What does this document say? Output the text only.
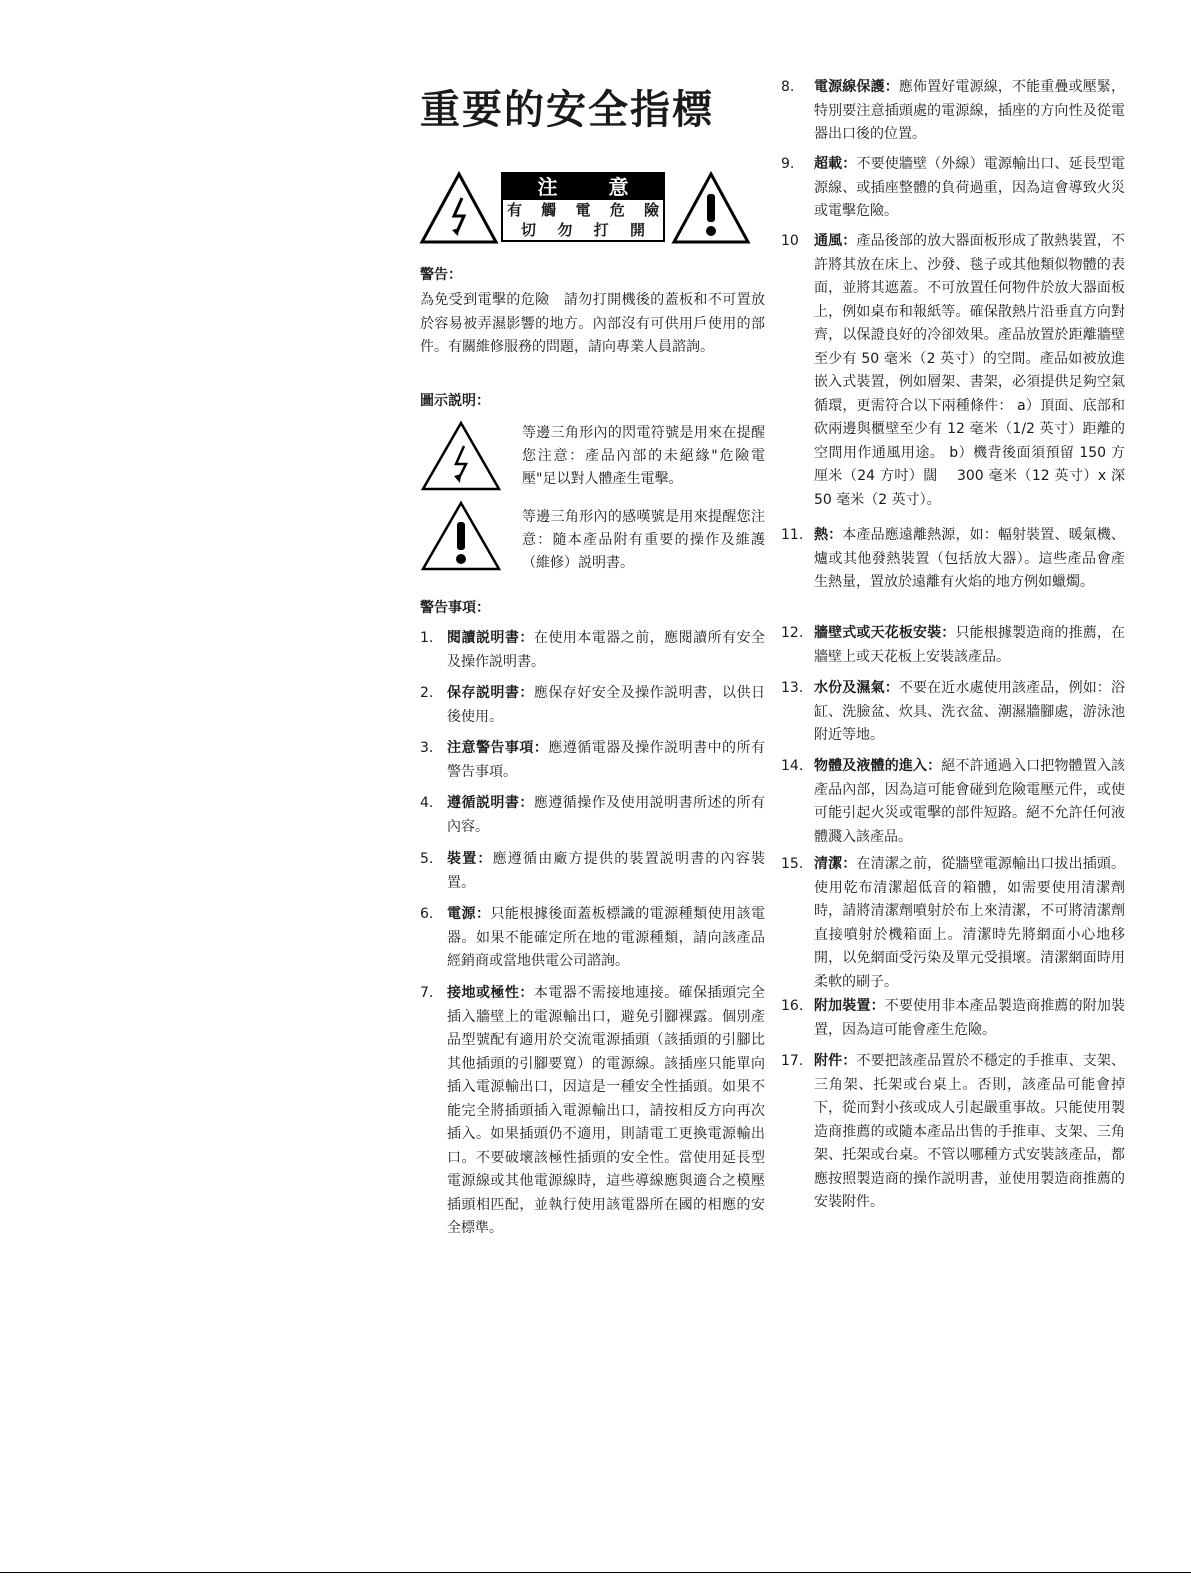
重要的安全指標
注 意
有 觸 電 危 險
切 勿 打 開
警告：

為免受到電擊的危險　請勿打開機後的蓋板和不可置放於容易被弄濕影響的地方。內部沒有可供用戶使用的部件。有關維修服務的問題，請向專業人員諮詢。

圖示説明：

等邊三角形內的閃電符號是用來在提醒您注意：產品內部的未絕緣"危險電壓"足以對人體產生電擊。

等邊三角形內的感嘆號是用來提醒您注意：隨本產品附有重要的操作及維護（維修）説明書。

警告事項：
1. 閱讀説明書：在使用本電器之前，應閱讀所有安全及操作説明書。
2. 保存説明書：應保存好安全及操作説明書，以供日後使用。
3. 注意警告事項：應遵循電器及操作説明書中的所有警告事項。
4. 遵循説明書：應遵循操作及使用説明書所述的所有內容。
5. 裝置：應遵循由廠方提供的裝置説明書的內容裝置。
6. 電源：只能根據後面蓋板標識的電源種類使用該電器。如果不能確定所在地的電源種類，請向該產品經銷商或當地供電公司諮詢。
7. 接地或極性：本電器不需接地連接。確保插頭完全插入牆壁上的電源輸出口，避免引腳裸露。個別產品型號配有適用於交流電源插頭（該插頭的引腳比其他插頭的引腳要寬）的電源線。該插座只能單向插入電源輸出口，因這是一種安全性插頭。如果不能完全將插頭插入電源輸出口，請按相反方向再次插入。如果插頭仍不適用，則請電工更換電源輸出口。不要破壞該極性插頭的安全性。當使用延長型電源線或其他電源線時，這些導線應與適合之模壓插頭相匹配，並執行使用該電器所在國的相應的安全標準。
8.	電源線保護：應佈置好電源線，不能重疊或壓緊，特別要注意插頭處的電源線，插座的方向性及從電器出口後的位置。
9.	超載：不要使牆壁（外線）電源輸出口、延長型電源線、或插座整體的負荷過重，因為這會導致火災或電擊危險。
10	通風：產品後部的放大器面板形成了散熱裝置，不許將其放在床上、沙發、毯子或其他類似物體的表面，並將其遮蓋。不可放置任何物件於放大器面板上，例如桌布和報紙等。確保散熱片沿垂直方向對齊，以保證良好的冷卻效果。產品放置於距離牆壁至少有 50 毫米（2 英寸）的空間。產品如被放進嵌入式裝置，例如層架、書架，必須提供足夠空氣循環，更需符合以下兩種條件： a）頂面、底部和砍兩邊與櫃壁至少有 12 毫米（1/2 英寸）距離的空間用作通風用途。 b）機背後面須預留 150 方厘米（24 方吋）闊　 300 毫米（12 英寸）x 深　 50 毫米（2 英寸）。
11. 熱：本產品應遠離熱源，如：輻射裝置、暖氣機、爐或其他發熱裝置（包括放大器）。這些產品會產生熱量，置放於遠離有火焰的地方例如蠟燭。
12. 牆壁式或天花板安裝：只能根據製造商的推薦，在牆壁上或天花板上安裝該產品。
13. 水份及濕氣：不要在近水處使用該產品，例如：浴缸、洗臉盆、炊具、洗衣盆、潮濕牆腳處，游泳池附近等地。
14. 物體及液體的進入：絕不許通過入口把物體置入該產品內部，因為這可能會碰到危險電壓元件，或使可能引起火災或電擊的部件短路。絕不允許任何液體濺入該產品。
15. 清潔：在清潔之前，從牆壁電源輸出口拔出插頭。使用乾布清潔超低音的箱體，如需要使用清潔劑時，請將清潔劑噴射於布上來清潔，不可將清潔劑直接噴射於機箱面上。清潔時先將網面小心地移開，以免網面受污染及單元受損壞。清潔網面時用柔軟的刷子。
16. 附加裝置：不要使用非本產品製造商推薦的附加裝置，因為這可能會產生危險。
17. 附件：不要把該產品置於不穩定的手推車、支架、三角架、托架或台桌上。否則，該產品可能會掉下，從而對小孩或成人引起嚴重事故。只能使用製造商推薦的或隨本產品出售的手推車、支架、三角架、托架或台桌。不管以哪種方式安裝該產品，都應按照製造商的操作説明書，並使用製造商推薦的安裝附件。
